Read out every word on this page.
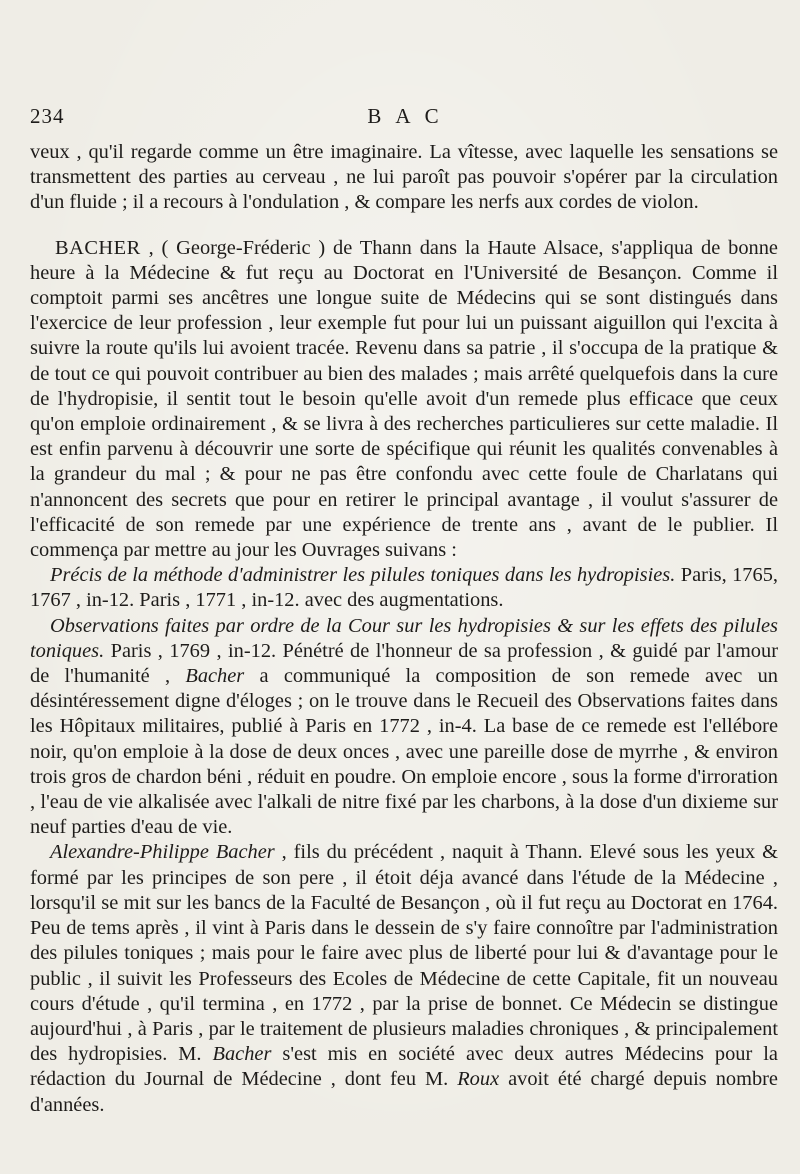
234	BAC

veux , qu'il regarde comme un être imaginaire. La vîtesse, avec laquelle les sensations se transmettent des parties au cerveau , ne lui paroît pas pouvoir s'opérer par la circulation d'un fluide ; il a recours à l'ondulation , & compare les nerfs aux cordes de violon.

BACHER , ( George-Fréderic ) de Thann dans la Haute Alsace, s'appliqua de bonne heure à la Médecine & fut reçu au Doctorat en l'Université de Besançon. Comme il comptoit parmi ses ancêtres une longue suite de Médecins qui se sont distingués dans l'exercice de leur profession , leur exemple fut pour lui un puissant aiguillon qui l'excita à suivre la route qu'ils lui avoient tracée. Revenu dans sa patrie , il s'occupa de la pratique & de tout ce qui pouvoit contribuer au bien des malades ; mais arrêté quelquefois dans la cure de l'hydropisie, il sentit tout le besoin qu'elle avoit d'un remede plus efficace que ceux qu'on emploie ordinairement , & se livra à des recherches particulieres sur cette maladie. Il est enfin parvenu à découvrir une sorte de spécifique qui réunit les qualités convenables à la grandeur du mal ; & pour ne pas être confondu avec cette foule de Charlatans qui n'annoncent des secrets que pour en retirer le principal avantage , il voulut s'assurer de l'efficacité de son remede par une expérience de trente ans , avant de le publier. Il commença par mettre au jour les Ouvrages suivans :

Précis de la méthode d'administrer les pilules toniques dans les hydropisies. Paris, 1765, 1767 , in-12. Paris , 1771 , in-12. avec des augmentations.

Observations faites par ordre de la Cour sur les hydropisies & sur les effets des pilules toniques. Paris , 1769 , in-12. Pénétré de l'honneur de sa profession , & guidé par l'amour de l'humanité , Bacher a communiqué la composition de son remede avec un désintéressement digne d'éloges ; on le trouve dans le Recueil des Observations faites dans les Hôpitaux militaires, publié à Paris en 1772 , in-4. La base de ce remede est l'ellébore noir, qu'on emploie à la dose de deux onces , avec une pareille dose de myrrhe , & environ trois gros de chardon béni , réduit en poudre. On emploie encore , sous la forme d'irroration , l'eau de vie alkalisée avec l'alkali de nitre fixé par les charbons, à la dose d'un dixieme sur neuf parties d'eau de vie.

Alexandre-Philippe Bacher , fils du précédent , naquit à Thann. Elevé sous les yeux & formé par les principes de son pere , il étoit déja avancé dans l'étude de la Médecine , lorsqu'il se mit sur les bancs de la Faculté de Besançon , où il fut reçu au Doctorat en 1764. Peu de tems après , il vint à Paris dans le dessein de s'y faire connoître par l'administration des pilules toniques ; mais pour le faire avec plus de liberté pour lui & d'avantage pour le public , il suivit les Professeurs des Ecoles de Médecine de cette Capitale, fit un nouveau cours d'étude , qu'il termina , en 1772 , par la prise de bonnet. Ce Médecin se distingue aujourd'hui , à Paris , par le traitement de plusieurs maladies chroniques , & principalement des hydropisies. M. Bacher s'est mis en société avec deux autres Médecins pour la rédaction du Journal de Médecine , dont feu M. Roux avoit été chargé depuis nombre d'années.
